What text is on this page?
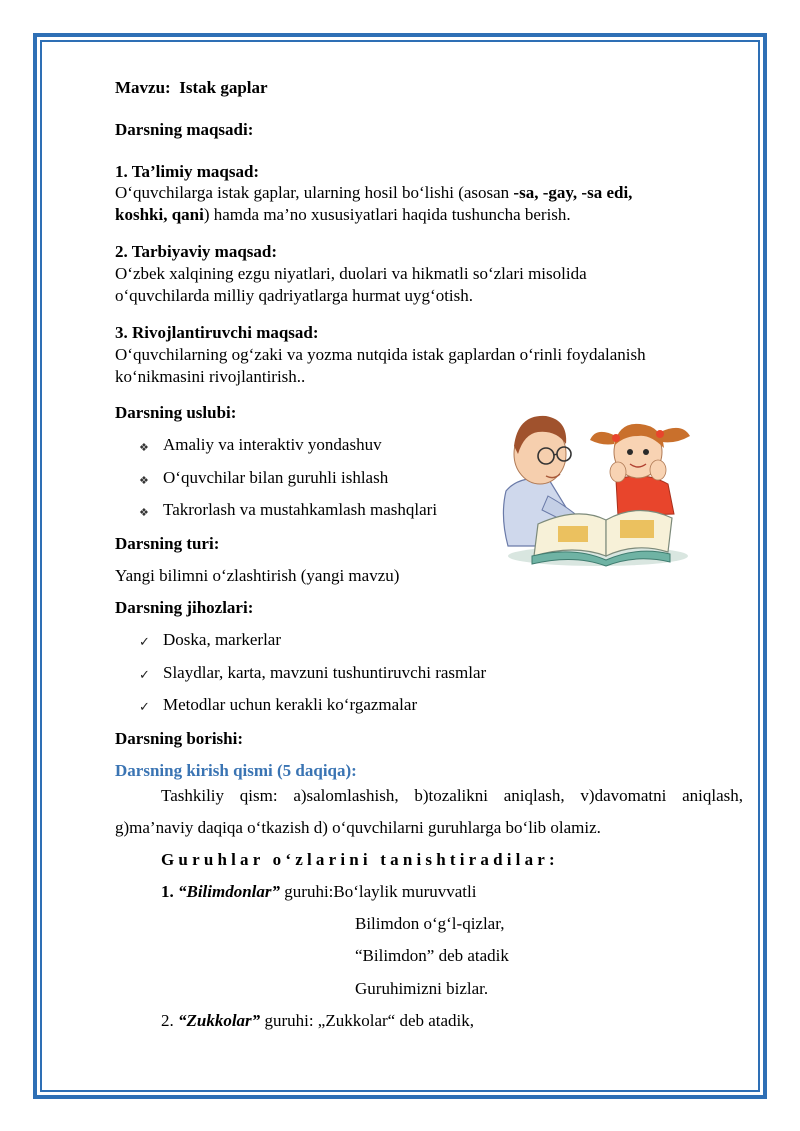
Mavzu: Istak gaplar
Darsning maqsadi:
1. Ta’limiy maqsad:
O‘quvchilarga istak gaplar, ularning hosil bo‘lishi (asosan -sa, -gay, -sa edi,
koshki, qani) hamda ma’no xususiyatlari haqida tushuncha berish.
2. Tarbiyaviy maqsad:
O‘zbek xalqining ezgu niyatlari, duolari va hikmatli so‘zlari misolida
o‘quvchilarda milliy qadriyatlarga hurmat uyg‘otish.
3. Rivojlantiruvchi maqsad:
O‘quvchilarning og‘zaki va yozma nutqida istak gaplardan o‘rinli foydalanish
ko‘nikmasini rivojlantirish..
Darsning uslubi:
❖ Amaliy va interaktiv yondashuv
❖ O‘quvchilar bilan guruhli ishlash
❖ Takrorlash va mustahkamlash mashqlari
Darsning turi:
Yangi bilimni o‘zlashtirish (yangi mavzu)
Darsning jihozlari:
✓ Doska, markerlar
✓ Slaydlar, karta, mavzuni tushuntiruvchi rasmlar
✓ Metodlar uchun kerakli ko‘rgazmalar
Darsning borishi:
Darsning kirish qismi (5 daqiqa):
Tashkiliy qism: a)salomlashish, b)tozalikni aniqlash, v)davomatni aniqlash,
g)ma’naviy daqiqa o‘tkazish d) o‘quvchilarni guruhlarga bo‘lib olamiz.
Guruhlar o‘zlarini tanishtiradilar:
1. “Bilimdonlar” guruhi:Bo‘laylik muruvvatli
Bilimdon o‘g‘l-qizlar,
“Bilimdon” deb atadik
Guruhimizni bizlar.
2. “Zukkolar” guruhi: „Zukkolar“ deb atadik,
